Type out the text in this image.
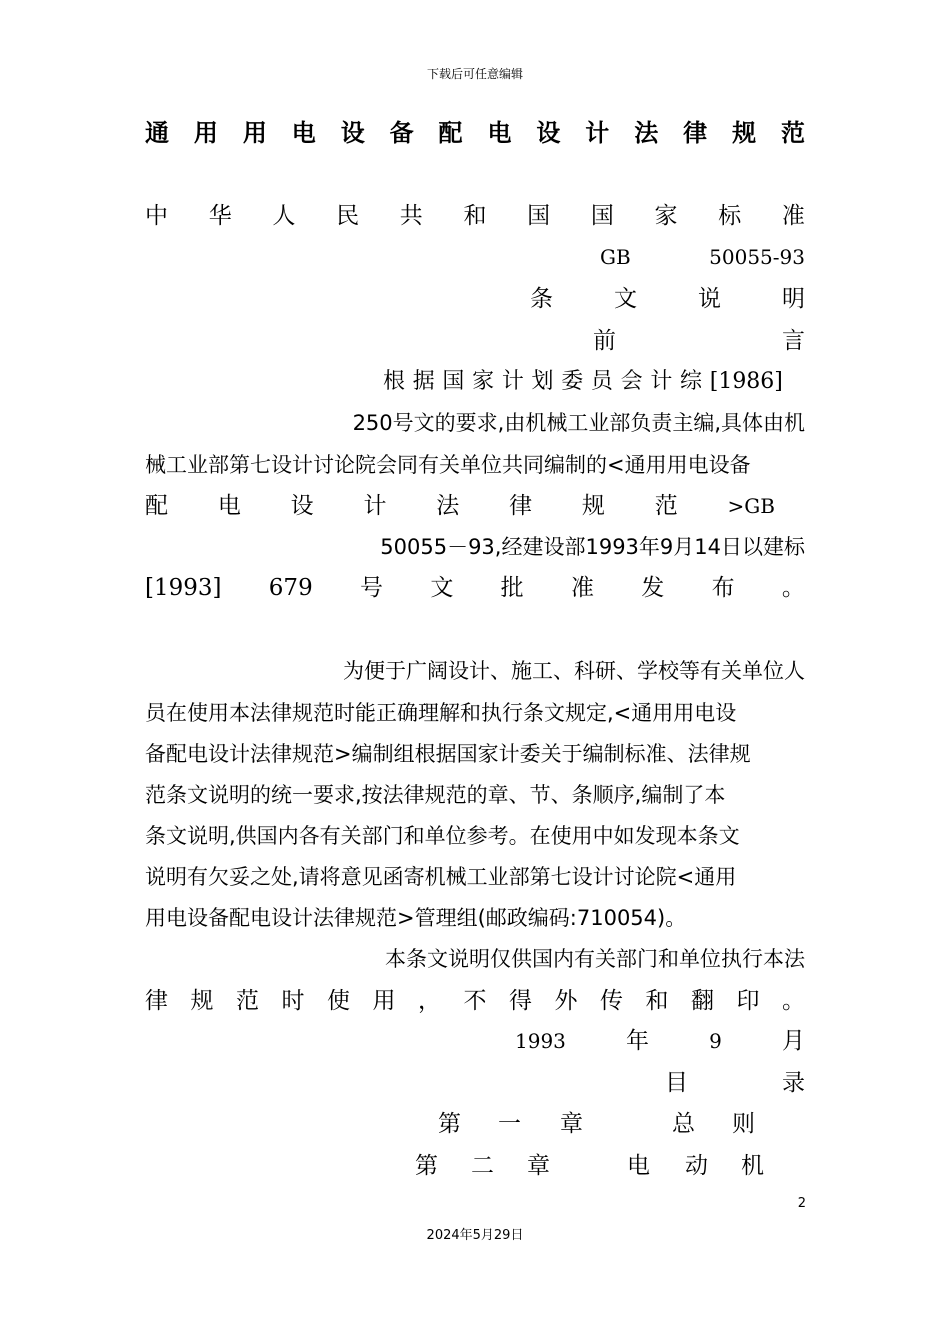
下载后可任意编辑
通 用 用 电 设 备 配 电 设 计 法 律 规 范
中 华 人 民 共 和 国 国 家 标 准
GB	50055-93
条	文	说	明
前	言
根 据 国 家 计 划 委 员 会 计 综 [1986]
250号文的要求,由机械工业部负责主编,具体由机
械工业部第七设计讨论院会同有关单位共同编制的<通用用电设备
配 电 设 计 法 律 规 范 >GB
50055－93,经建设部1993年9月14日以建标
[1993] 679 号 文 批 准 发 布 。
为便于广阔设计、施工、科研、学校等有关单位人
员在使用本法律规范时能正确理解和执行条文规定,<通用用电设
备配电设计法律规范>编制组根据国家计委关于编制标准、法律规
范条文说明的统一要求,按法律规范的章、节、条顺序,编制了本
条文说明,供国内各有关部门和单位参考。在使用中如发现本条文
说明有欠妥之处,请将意见函寄机械工业部第七设计讨论院<通用
用电设备配电设计法律规范>管理组(邮政编码:710054)。
本条文说明仅供国内有关部门和单位执行本法
律 规 范 时 使 用 ， 不 得 外 传 和 翻 印 。
1993	年	9	月
目	录
第 一 章	总 则
第 二 章	电 动 机
2
2024年5月29日
